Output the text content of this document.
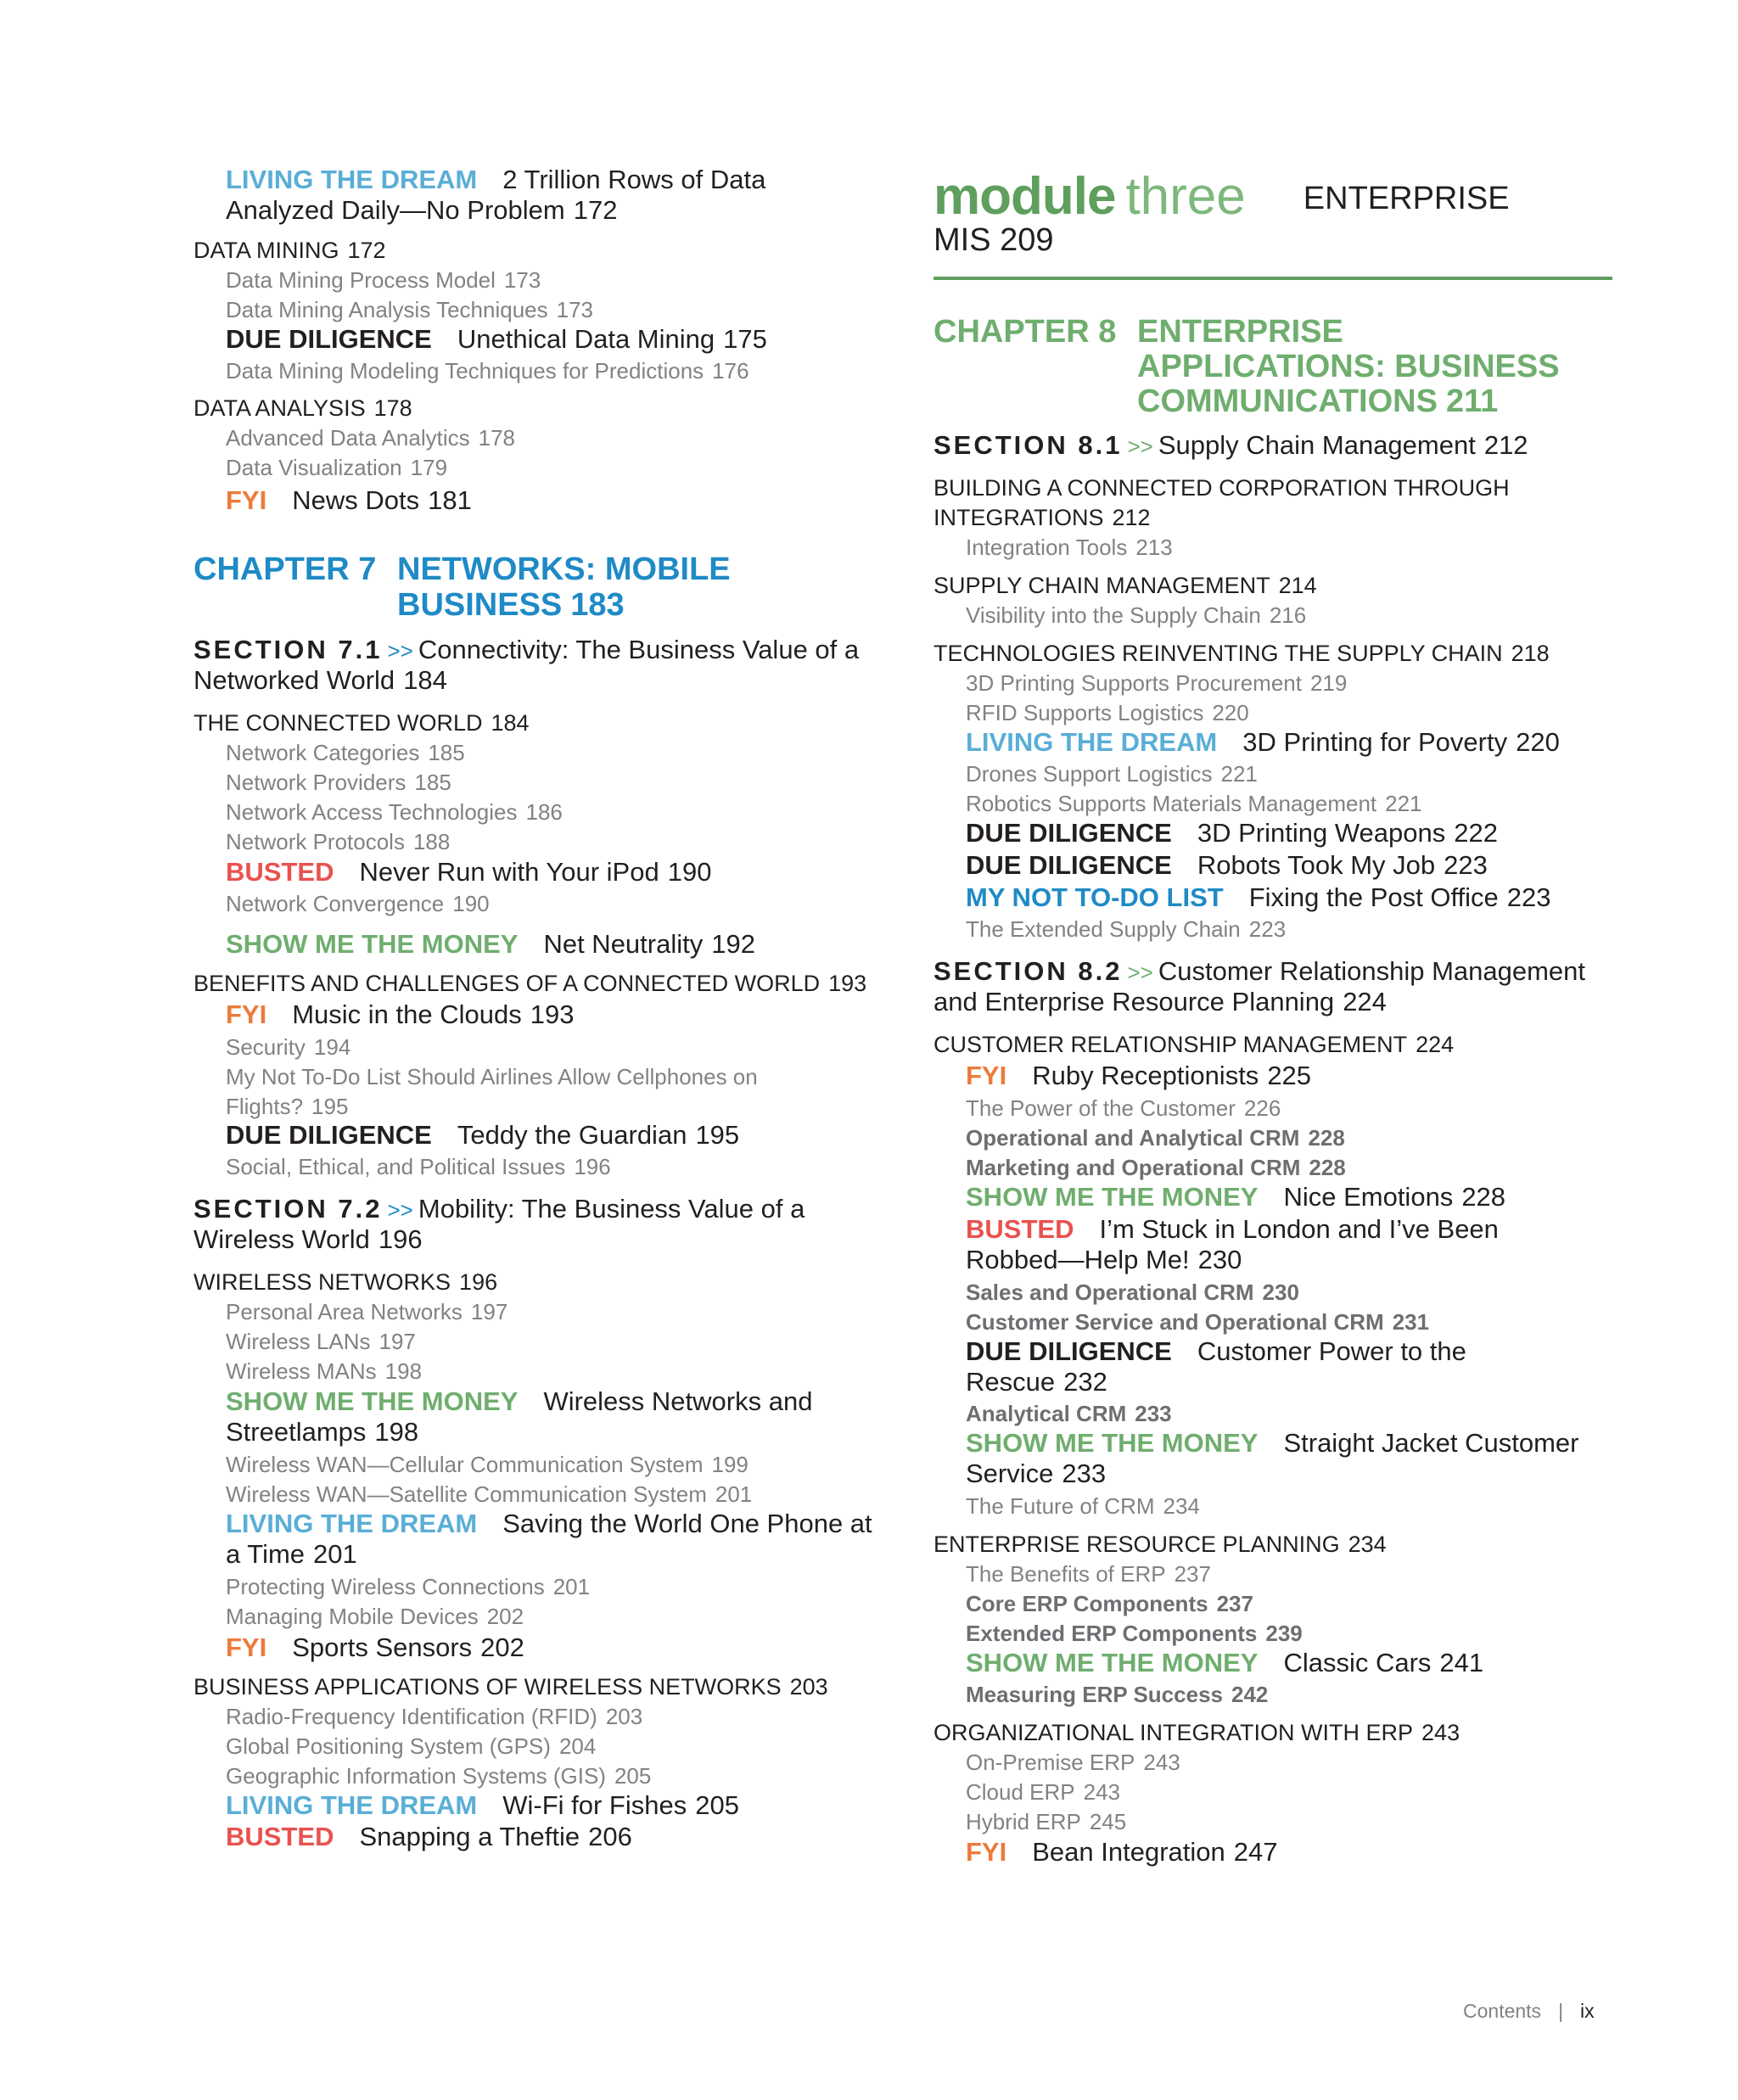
LIVING THE DREAM 2 Trillion Rows of Data
Analyzed Daily—No Problem 172
DATA MINING 172
Data Mining Process Model 173
Data Mining Analysis Techniques 173
DUE DILIGENCE Unethical Data Mining 175
Data Mining Modeling Techniques for Predictions 176
DATA ANALYSIS 178
Advanced Data Analytics 178
Data Visualization 179
FYI News Dots 181
CHAPTER 7 NETWORKS: MOBILE
BUSINESS 183
SECTION 7.1 >> Connectivity: The Business Value of a
Networked World 184
THE CONNECTED WORLD 184
Network Categories 185
Network Providers 185
Network Access Technologies 186
Network Protocols 188
BUSTED Never Run with Your iPod 190
Network Convergence 190
SHOW ME THE MONEY Net Neutrality 192
BENEFITS AND CHALLENGES OF A CONNECTED WORLD 193
FYI Music in the Clouds 193
Security 194
My Not To-Do List Should Airlines Allow Cellphones on
Flights? 195
DUE DILIGENCE Teddy the Guardian 195
Social, Ethical, and Political Issues 196
SECTION 7.2 >> Mobility: The Business Value of a
Wireless World 196
WIRELESS NETWORKS 196
Personal Area Networks 197
Wireless LANs 197
Wireless MANs 198
SHOW ME THE MONEY Wireless Networks and
Streetlamps 198
Wireless WAN—Cellular Communication System 199
Wireless WAN—Satellite Communication System 201
LIVING THE DREAM Saving the World One Phone at
a Time 201
Protecting Wireless Connections 201
Managing Mobile Devices 202
FYI Sports Sensors 202
BUSINESS APPLICATIONS OF WIRELESS NETWORKS 203
Radio-Frequency Identification (RFID) 203
Global Positioning System (GPS) 204
Geographic Information Systems (GIS) 205
LIVING THE DREAM Wi-Fi for Fishes 205
BUSTED Snapping a Theftie 206
module three ENTERPRISE
MIS 209
CHAPTER 8 ENTERPRISE
APPLICATIONS: BUSINESS
COMMUNICATIONS 211
SECTION 8.1 >> Supply Chain Management 212
BUILDING A CONNECTED CORPORATION THROUGH
INTEGRATIONS 212
Integration Tools 213
SUPPLY CHAIN MANAGEMENT 214
Visibility into the Supply Chain 216
TECHNOLOGIES REINVENTING THE SUPPLY CHAIN 218
3D Printing Supports Procurement 219
RFID Supports Logistics 220
LIVING THE DREAM 3D Printing for Poverty 220
Drones Support Logistics 221
Robotics Supports Materials Management 221
DUE DILIGENCE 3D Printing Weapons 222
DUE DILIGENCE Robots Took My Job 223
MY NOT TO-DO LIST Fixing the Post Office 223
The Extended Supply Chain 223
SECTION 8.2 >> Customer Relationship Management
and Enterprise Resource Planning 224
CUSTOMER RELATIONSHIP MANAGEMENT 224
FYI Ruby Receptionists 225
The Power of the Customer 226
Operational and Analytical CRM 228
Marketing and Operational CRM 228
SHOW ME THE MONEY Nice Emotions 228
BUSTED I’m Stuck in London and I’ve Been
Robbed—Help Me! 230
Sales and Operational CRM 230
Customer Service and Operational CRM 231
DUE DILIGENCE Customer Power to the
Rescue 232
Analytical CRM 233
SHOW ME THE MONEY Straight Jacket Customer
Service 233
The Future of CRM 234
ENTERPRISE RESOURCE PLANNING 234
The Benefits of ERP 237
Core ERP Components 237
Extended ERP Components 239
SHOW ME THE MONEY Classic Cars 241
Measuring ERP Success 242
ORGANIZATIONAL INTEGRATION WITH ERP 243
On-Premise ERP 243
Cloud ERP 243
Hybrid ERP 245
FYI Bean Integration 247
Contents | ix
